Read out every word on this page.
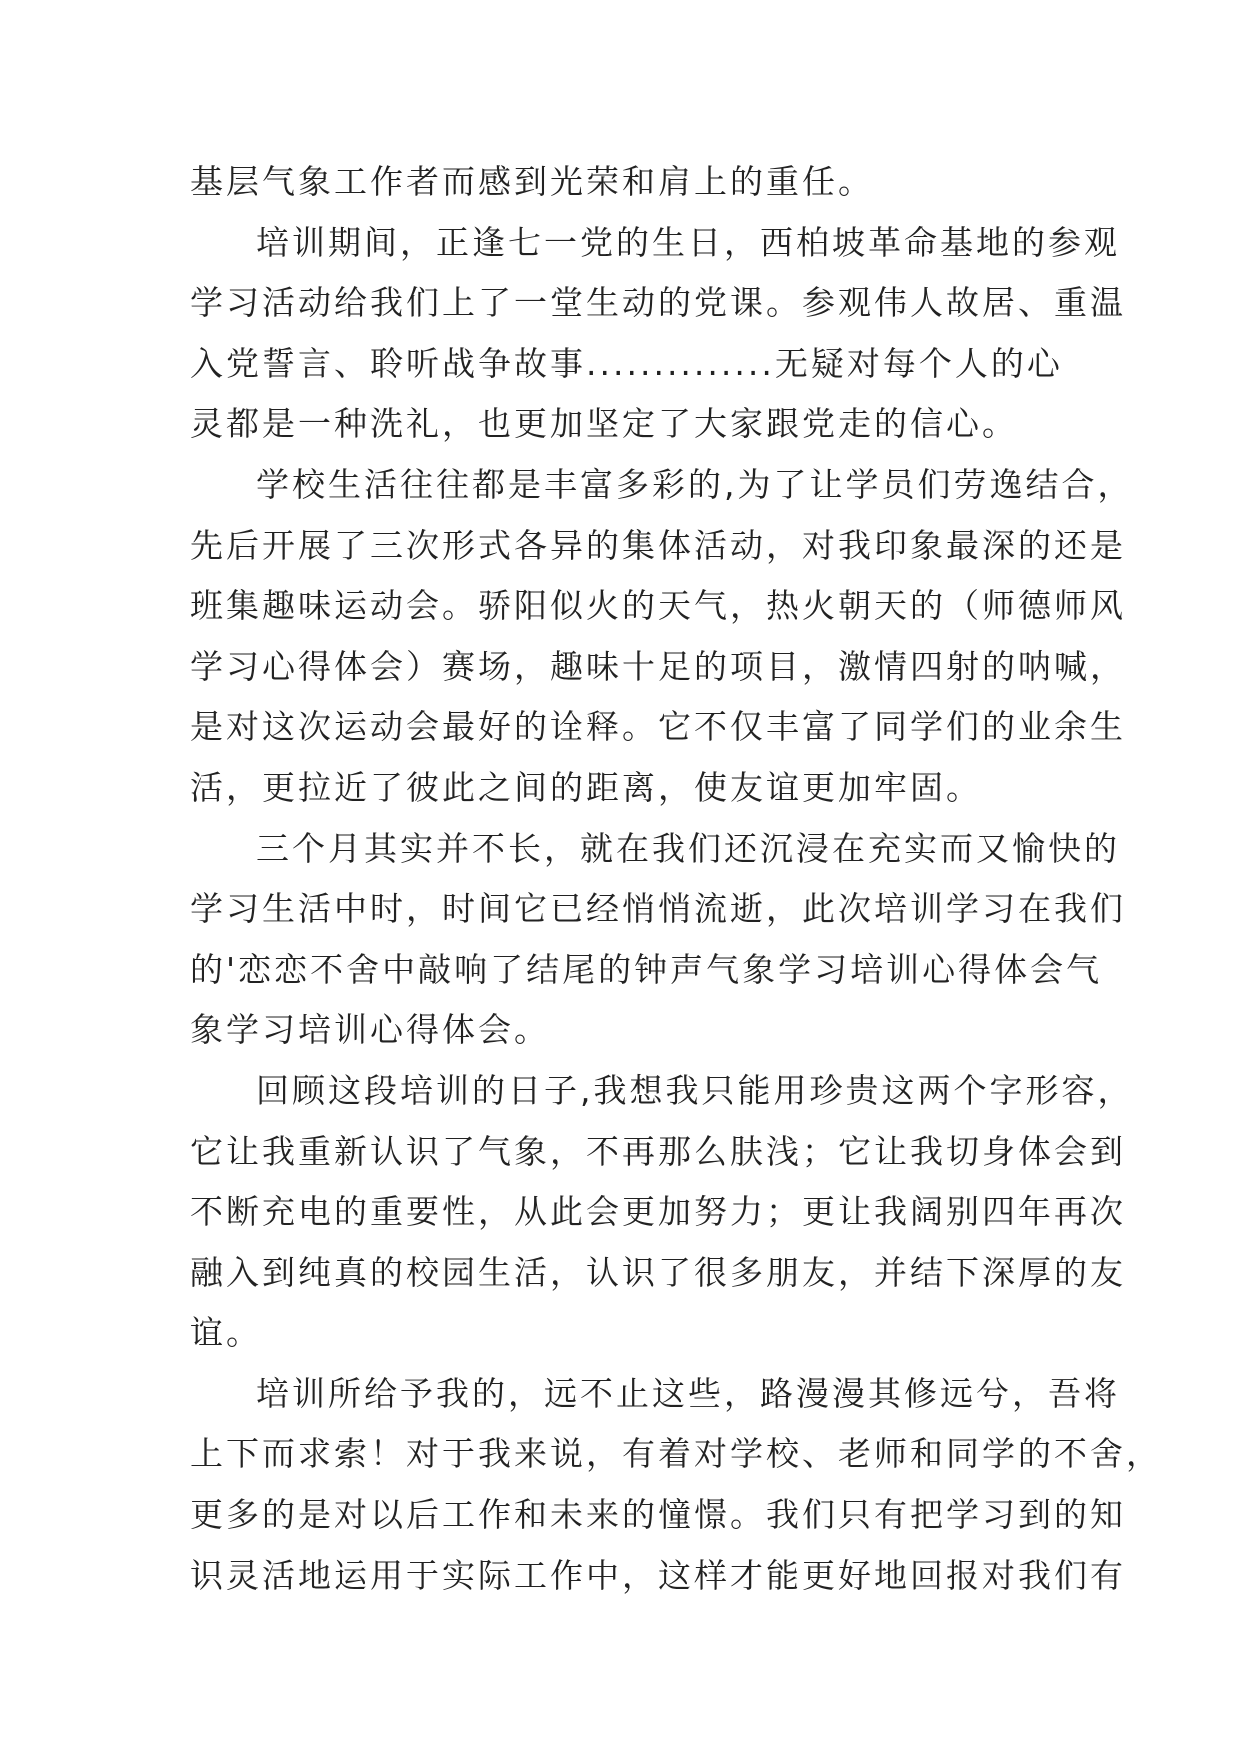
基层气象工作者而感到光荣和肩上的重任。
培训期间，正逢七一党的生日，西柏坡革命基地的参观
学习活动给我们上了一堂生动的党课。参观伟人故居、重温
入党誓言、聆听战争故事..............无疑对每个人的心
灵都是一种洗礼，也更加坚定了大家跟党走的信心。
学校生活往往都是丰富多彩的,为了让学员们劳逸结合，
先后开展了三次形式各异的集体活动，对我印象最深的还是
班集趣味运动会。骄阳似火的天气，热火朝天的（师德师风
学习心得体会）赛场，趣味十足的项目，激情四射的呐喊，
是对这次运动会最好的诠释。它不仅丰富了同学们的业余生
活，更拉近了彼此之间的距离，使友谊更加牢固。
三个月其实并不长，就在我们还沉浸在充实而又愉快的
学习生活中时，时间它已经悄悄流逝，此次培训学习在我们
的'恋恋不舍中敲响了结尾的钟声气象学习培训心得体会气
象学习培训心得体会。
回顾这段培训的日子,我想我只能用珍贵这两个字形容，
它让我重新认识了气象，不再那么肤浅；它让我切身体会到
不断充电的重要性，从此会更加努力；更让我阔别四年再次
融入到纯真的校园生活，认识了很多朋友，并结下深厚的友
谊。
培训所给予我的，远不止这些，路漫漫其修远兮，吾将
上下而求索！对于我来说，有着对学校、老师和同学的不舍，
更多的是对以后工作和未来的憧憬。我们只有把学习到的知
识灵活地运用于实际工作中，这样才能更好地回报对我们有
